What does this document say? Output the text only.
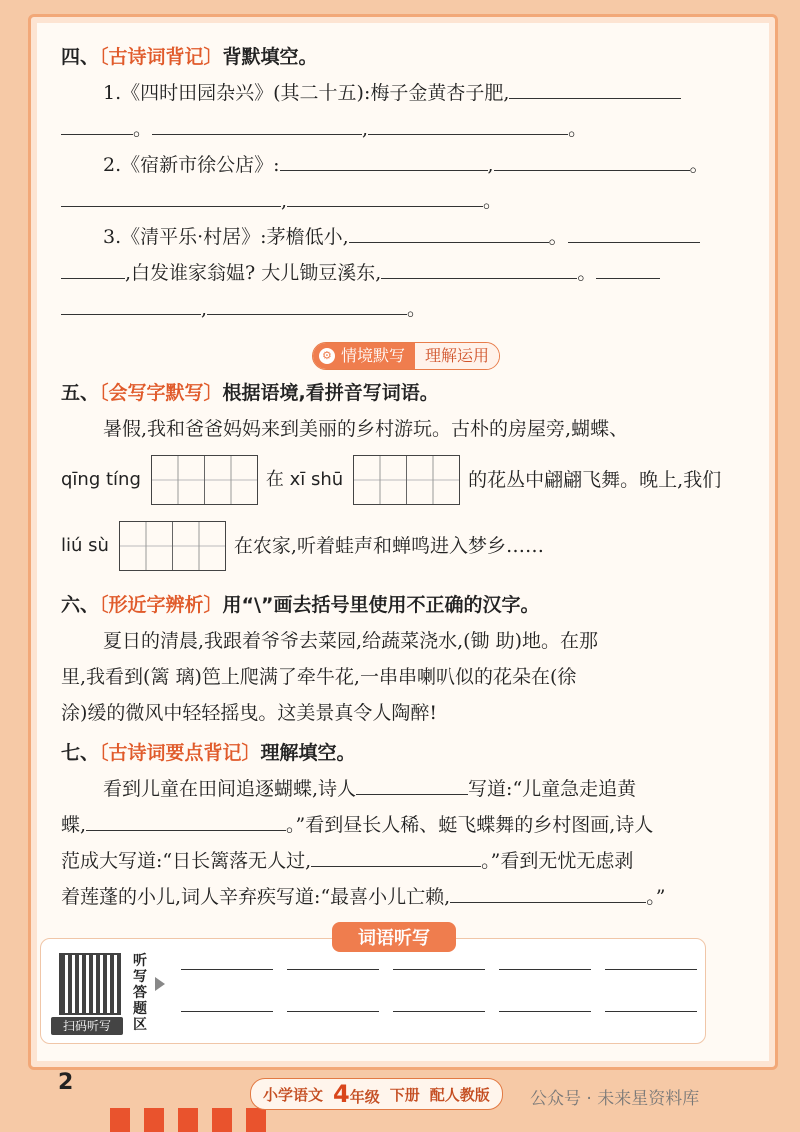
四、〔古诗词背记〕背默填空。
1.《四时田园杂兴》(其二十五):梅子金黄杏子肥,
。	,	。
2.《宿新市徐公店》:	,	。
,	。
3.《清平乐·村居》:茅檐低小,	。
,白发谁家翁媪? 大儿锄豆溪东,	。
,	。
⚙ 情境默写	理解运用
五、〔会写字默写〕根据语境,看拼音写词语。
暑假,我和爸爸妈妈来到美丽的乡村游玩。古朴的房屋旁,蝴蝶、
qīng tíng	在 xī shū	的花丛中翩翩飞舞。晚上,我们
liú sù	在农家,听着蛙声和蝉鸣进入梦乡……
六、〔形近字辨析〕用“\”画去括号里使用不正确的汉字。
夏日的清晨,我跟着爷爷去菜园,给蔬菜浇水,(锄 助)地。在那
里,我看到(篱 璃)笆上爬满了牵牛花,一串串喇叭似的花朵在(徐
涂)缓的微风中轻轻摇曳。这美景真令人陶醉!
七、〔古诗词要点背记〕理解填空。
看到儿童在田间追逐蝴蝶,诗人	写道:“儿童急走追黄
蝶,	。”看到昼长人稀、蜓飞蝶舞的乡村图画,诗人
范成大写道:“日长篱落无人过,	。”看到无忧无虑剥
着莲蓬的小儿,词人辛弃疾写道:“最喜小儿亡赖,	。”
扫码听写
听写答题区
词语听写
2	小学语文 4年级 下册 配人教版 公众号 · 未来星资料库
